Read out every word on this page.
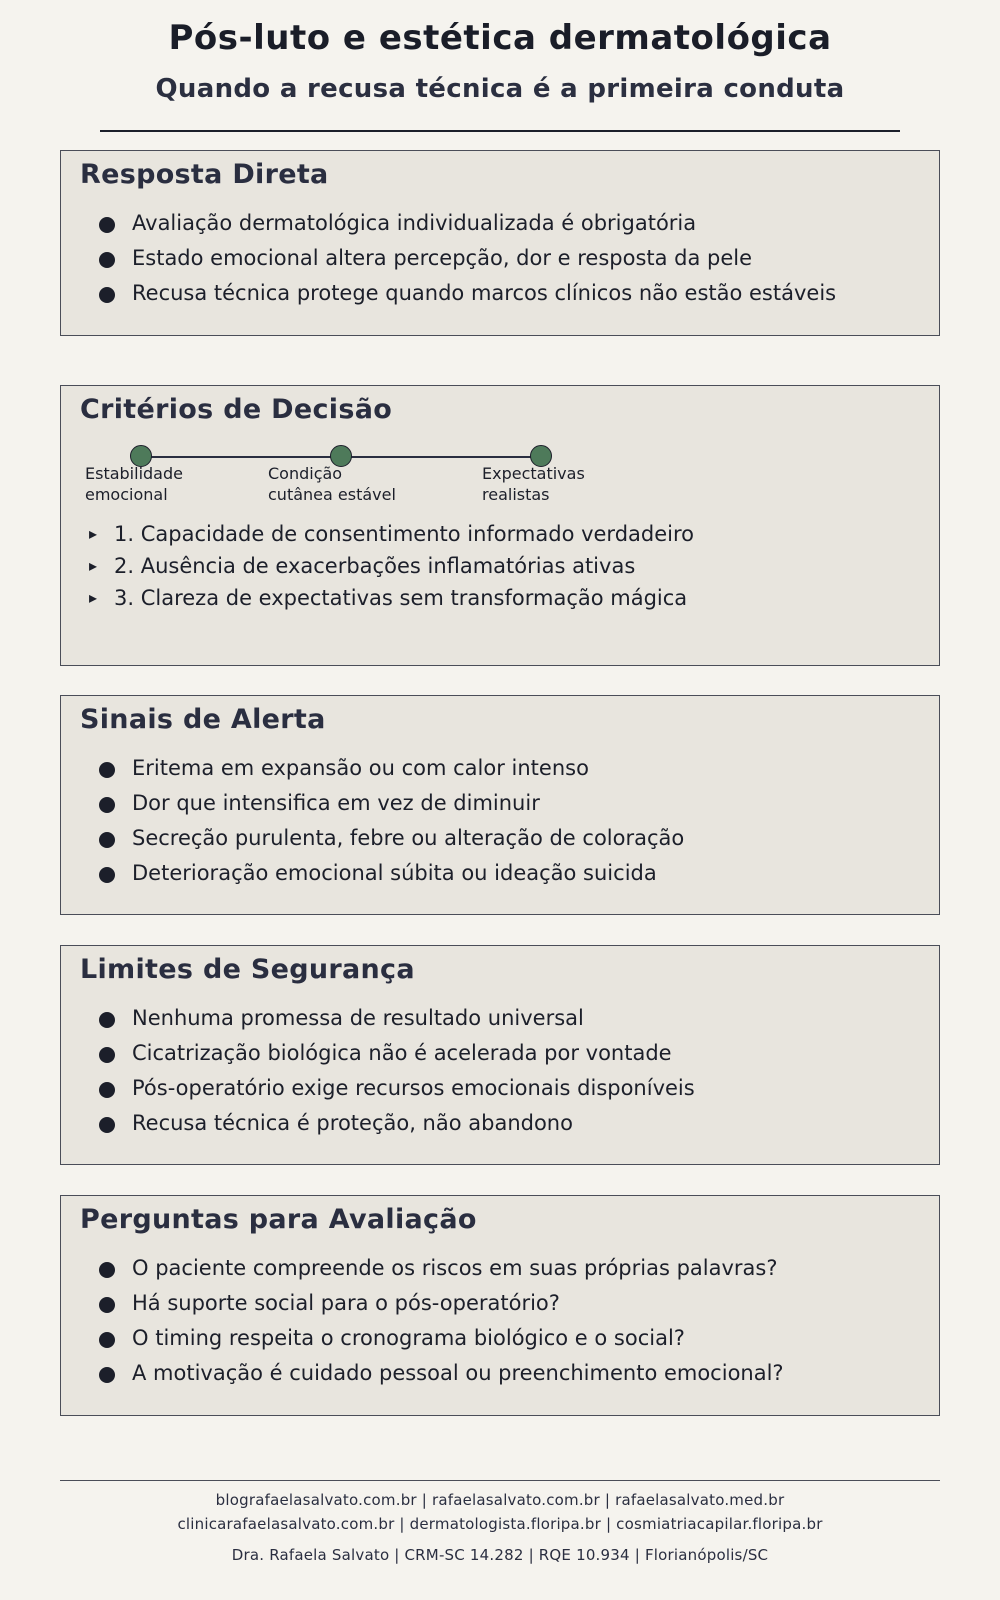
Pós-luto e estética dermatológica
Quando a recusa técnica é a primeira conduta
Resposta Direta
Avaliação dermatológica individualizada é obrigatória
Estado emocional altera percepção, dor e resposta da pele
Recusa técnica protege quando marcos clínicos não estão estáveis
Critérios de Decisão
Estabilidade
emocional
Condição
cutânea estável
Expectativas
realistas
▸ 1. Capacidade de consentimento informado verdadeiro
▸ 2. Ausência de exacerbações inflamatórias ativas
▸ 3. Clareza de expectativas sem transformação mágica
Sinais de Alerta
Eritema em expansão ou com calor intenso
Dor que intensifica em vez de diminuir
Secreção purulenta, febre ou alteração de coloração
Deterioração emocional súbita ou ideação suicida
Limites de Segurança
Nenhuma promessa de resultado universal
Cicatrização biológica não é acelerada por vontade
Pós-operatório exige recursos emocionais disponíveis
Recusa técnica é proteção, não abandono
Perguntas para Avaliação
O paciente compreende os riscos em suas próprias palavras?
Há suporte social para o pós-operatório?
O timing respeita o cronograma biológico e o social?
A motivação é cuidado pessoal ou preenchimento emocional?
blografaelasalvato.com.br | rafaelasalvato.com.br | rafaelasalvato.med.br
clinicarafaelasalvato.com.br | dermatologista.floripa.br | cosmiatriacapilar.floripa.br
Dra. Rafaela Salvato | CRM-SC 14.282 | RQE 10.934 | Florianópolis/SC
